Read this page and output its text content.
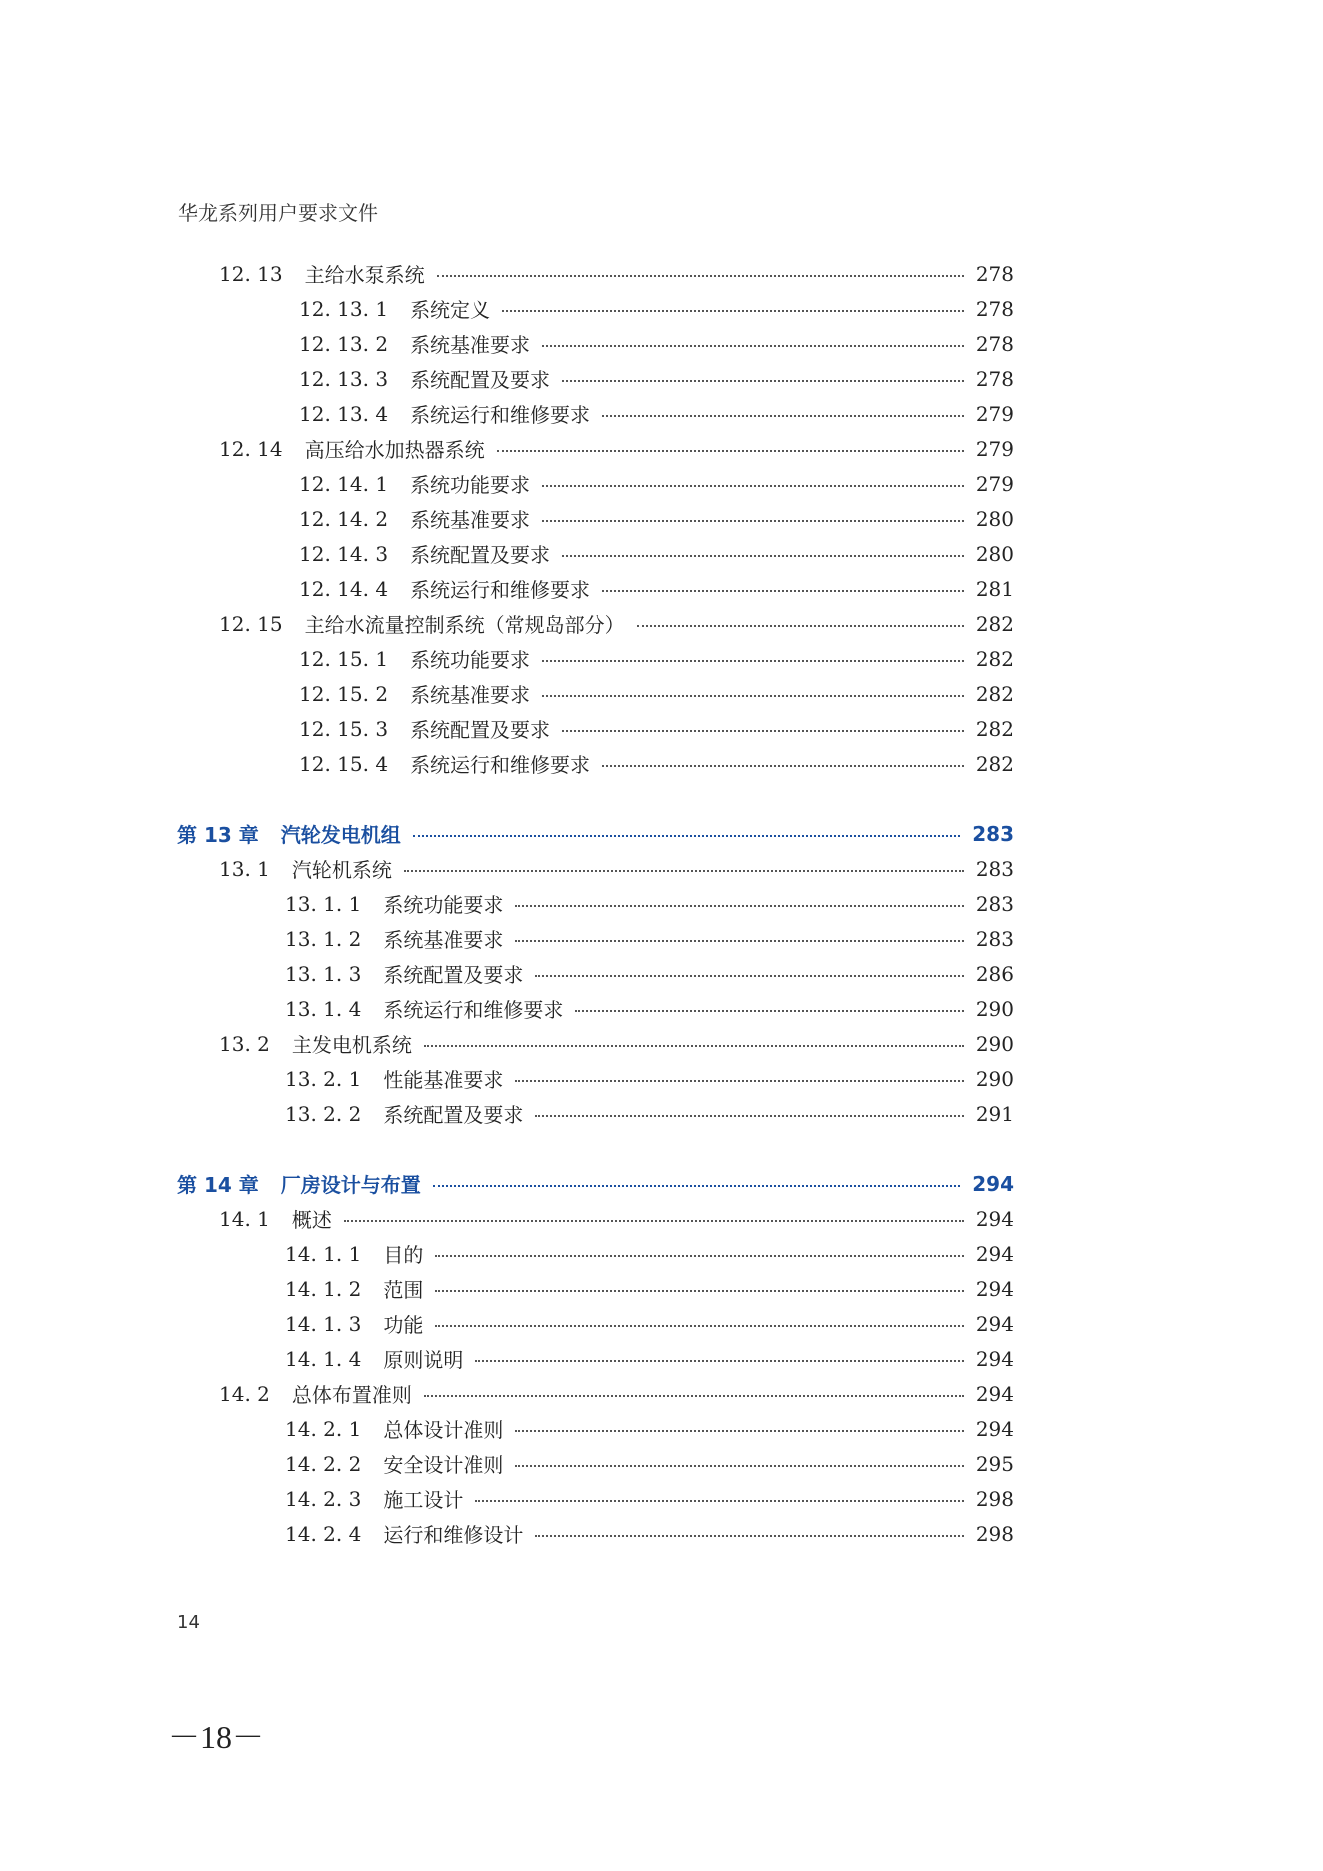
华龙系列用户要求文件
12. 13 主给水泵系统	278
12. 13. 1 系统定义	278
12. 13. 2 系统基准要求	278
12. 13. 3 系统配置及要求	278
12. 13. 4 系统运行和维修要求	279
12. 14 高压给水加热器系统	279
12. 14. 1 系统功能要求	279
12. 14. 2 系统基准要求	280
12. 14. 3 系统配置及要求	280
12. 14. 4 系统运行和维修要求	281
12. 15 主给水流量控制系统（常规岛部分）	282
12. 15. 1 系统功能要求	282
12. 15. 2 系统基准要求	282
12. 15. 3 系统配置及要求	282
12. 15. 4 系统运行和维修要求	282
第 13 章 汽轮发电机组	283
13. 1 汽轮机系统	283
13. 1. 1 系统功能要求	283
13. 1. 2 系统基准要求	283
13. 1. 3 系统配置及要求	286
13. 1. 4 系统运行和维修要求	290
13. 2 主发电机系统	290
13. 2. 1 性能基准要求	290
13. 2. 2 系统配置及要求	291
第 14 章 厂房设计与布置	294
14. 1 概述	294
14. 1. 1 目的	294
14. 1. 2 范围	294
14. 1. 3 功能	294
14. 1. 4 原则说明	294
14. 2 总体布置准则	294
14. 2. 1 总体设计准则	294
14. 2. 2 安全设计准则	295
14. 2. 3 施工设计	298
14. 2. 4 运行和维修设计	298
14
－18－
